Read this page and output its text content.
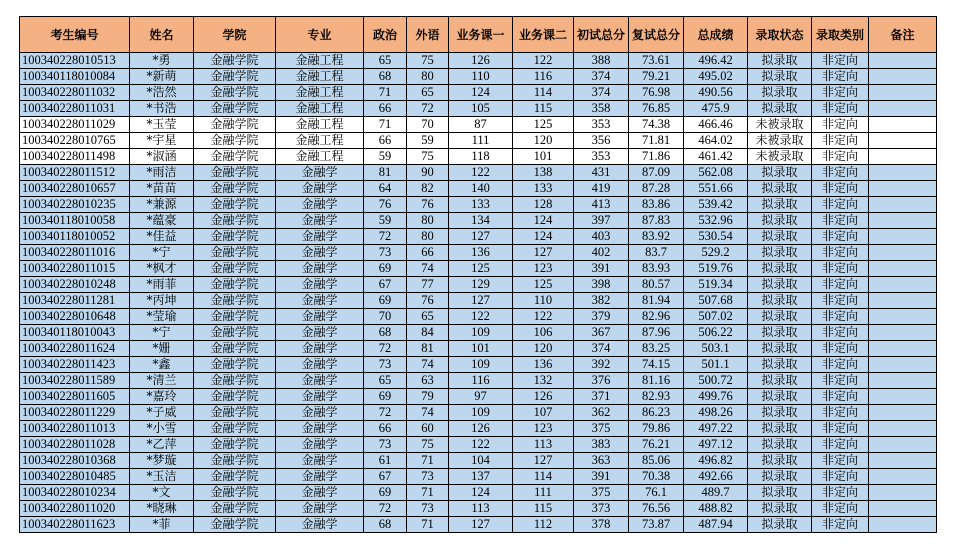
考生编号	姓名	学院	专业	政治	外语	业务课一	业务课二	初试总分	复试总分	总成绩	录取状态	录取类别	备注
100340228010513	*勇	金融学院	金融工程	65	75	126	122	388	73.61	496.42	拟录取	非定向	
100340118010084	*新萌	金融学院	金融工程	68	80	110	116	374	79.21	495.02	拟录取	非定向	
100340228011032	*浩然	金融学院	金融工程	71	65	124	114	374	76.98	490.56	拟录取	非定向	
100340228011031	*书浩	金融学院	金融工程	66	72	105	115	358	76.85	475.9	拟录取	非定向	
100340228011029	*玉莹	金融学院	金融工程	71	70	87	125	353	74.38	466.46	未被录取	非定向	
100340228010765	*宇星	金融学院	金融工程	66	59	111	120	356	71.81	464.02	未被录取	非定向	
100340228011498	*淑涵	金融学院	金融工程	59	75	118	101	353	71.86	461.42	未被录取	非定向	
100340228011512	*雨洁	金融学院	金融学	81	90	122	138	431	87.09	562.08	拟录取	非定向	
100340228010657	*苗苗	金融学院	金融学	64	82	140	133	419	87.28	551.66	拟录取	非定向	
100340228010235	*兼源	金融学院	金融学	76	76	133	128	413	83.86	539.42	拟录取	非定向	
100340118010058	*蕴豪	金融学院	金融学	59	80	134	124	397	87.83	532.96	拟录取	非定向	
100340118010052	*佳益	金融学院	金融学	72	80	127	124	403	83.92	530.54	拟录取	非定向	
100340228011016	*宁	金融学院	金融学	73	66	136	127	402	83.7	529.2	拟录取	非定向	
100340228011015	*枫才	金融学院	金融学	69	74	125	123	391	83.93	519.76	拟录取	非定向	
100340228010248	*雨菲	金融学院	金融学	67	77	129	125	398	80.57	519.34	拟录取	非定向	
100340228011281	*丙坤	金融学院	金融学	69	76	127	110	382	81.94	507.68	拟录取	非定向	
100340228010648	*莹瑜	金融学院	金融学	70	65	122	122	379	82.96	507.02	拟录取	非定向	
100340118010043	*宁	金融学院	金融学	68	84	109	106	367	87.96	506.22	拟录取	非定向	
100340228011624	*姗	金融学院	金融学	72	81	101	120	374	83.25	503.1	拟录取	非定向	
100340228011423	*鑫	金融学院	金融学	73	74	109	136	392	74.15	501.1	拟录取	非定向	
100340228011589	*清兰	金融学院	金融学	65	63	116	132	376	81.16	500.72	拟录取	非定向	
100340228011605	*嘉玲	金融学院	金融学	69	79	97	126	371	82.93	499.76	拟录取	非定向	
100340228011229	*子威	金融学院	金融学	72	74	109	107	362	86.23	498.26	拟录取	非定向	
100340228011013	*小雪	金融学院	金融学	66	60	126	123	375	79.86	497.22	拟录取	非定向	
100340228011028	*乙萍	金融学院	金融学	73	75	122	113	383	76.21	497.12	拟录取	非定向	
100340228010368	*梦璇	金融学院	金融学	61	71	104	127	363	85.06	496.82	拟录取	非定向	
100340228010485	*玉洁	金融学院	金融学	67	73	137	114	391	70.38	492.66	拟录取	非定向	
100340228010234	*文	金融学院	金融学	69	71	124	111	375	76.1	489.7	拟录取	非定向	
100340228011020	*晓琳	金融学院	金融学	72	73	113	115	373	76.56	488.82	拟录取	非定向	
100340228011623	*菲	金融学院	金融学	68	71	127	112	378	73.87	487.94	拟录取	非定向	
